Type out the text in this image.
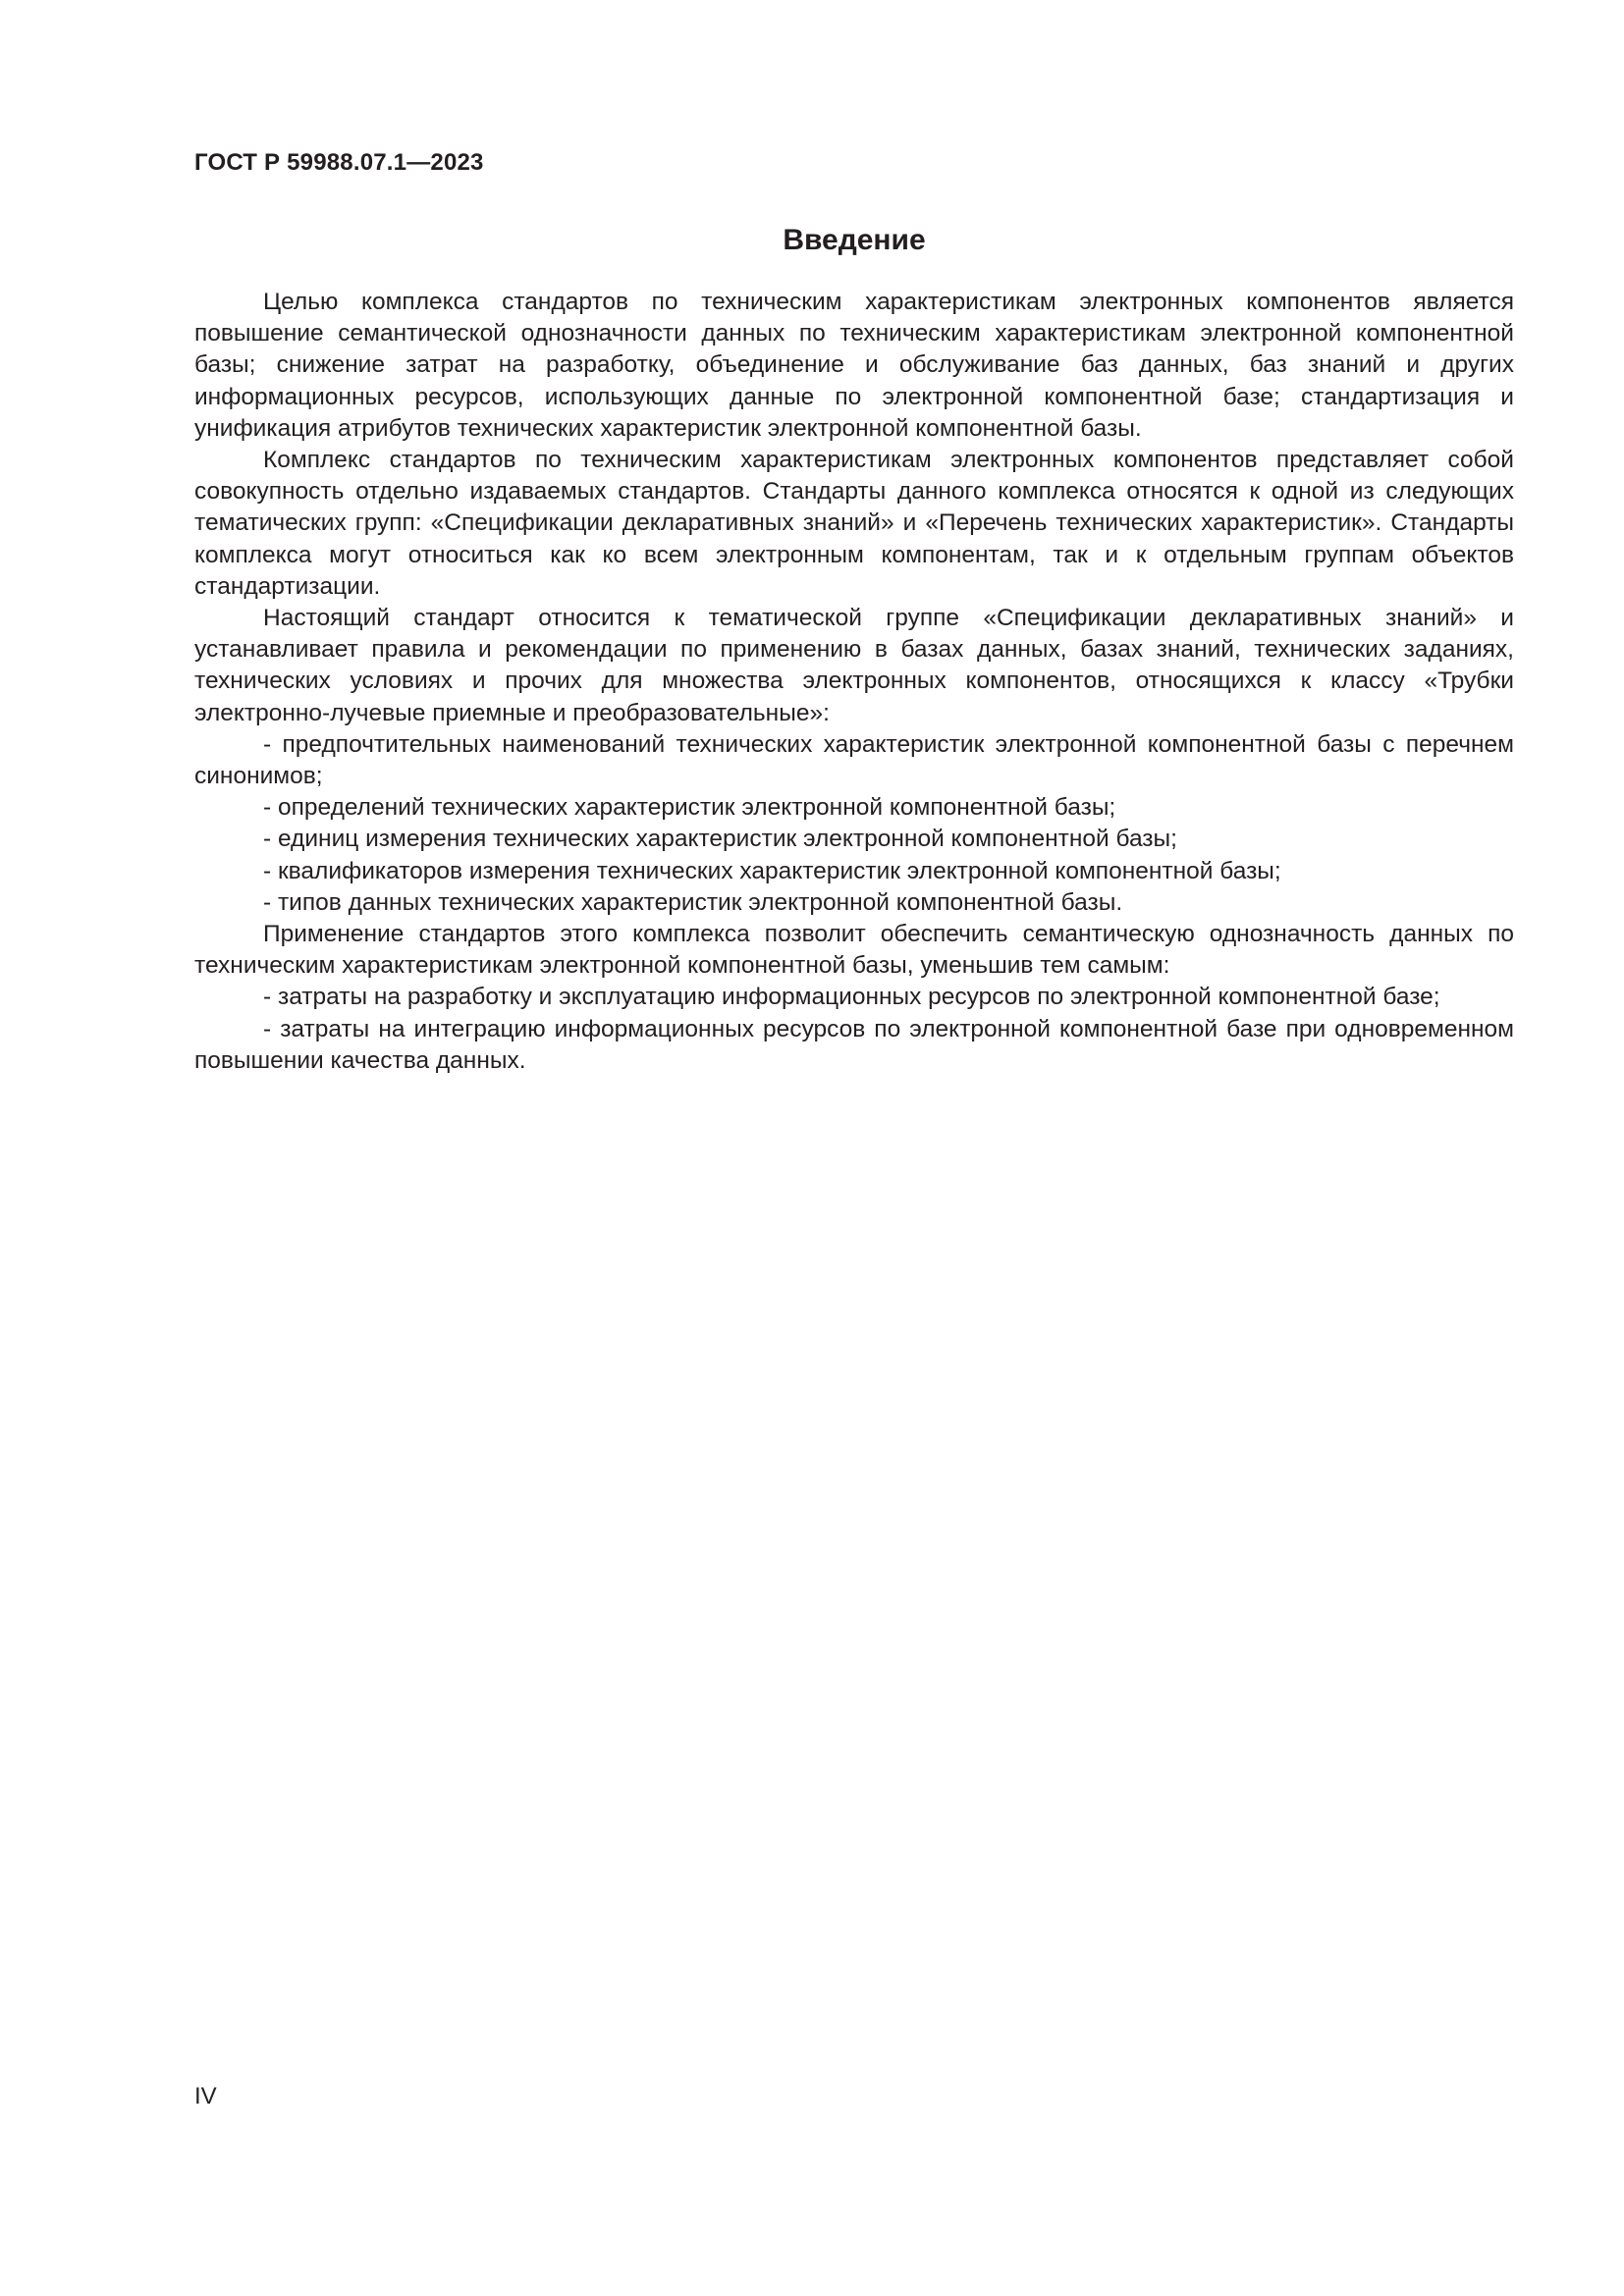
ГОСТ Р 59988.07.1—2023
Введение

Целью комплекса стандартов по техническим характеристикам электронных компонентов является повышение семантической однозначности данных по техническим характеристикам электронной компонентной базы; снижение затрат на разработку, объединение и обслуживание баз данных, баз знаний и других информационных ресурсов, использующих данные по электронной компонентной базе; стандартизация и унификация атрибутов технических характеристик электронной компонентной базы.

Комплекс стандартов по техническим характеристикам электронных компонентов представляет собой совокупность отдельно издаваемых стандартов. Стандарты данного комплекса относятся к одной из следующих тематических групп: «Спецификации декларативных знаний» и «Перечень технических характеристик». Стандарты комплекса могут относиться как ко всем электронным компонентам, так и к отдельным группам объектов стандартизации.

Настоящий стандарт относится к тематической группе «Спецификации декларативных знаний» и устанавливает правила и рекомендации по применению в базах данных, базах знаний, технических заданиях, технических условиях и прочих для множества электронных компонентов, относящихся к классу «Трубки электронно-лучевые приемные и преобразовательные»:

- предпочтительных наименований технических характеристик электронной компонентной базы с перечнем синонимов;

- определений технических характеристик электронной компонентной базы;

- единиц измерения технических характеристик электронной компонентной базы;

- квалификаторов измерения технических характеристик электронной компонентной базы;

- типов данных технических характеристик электронной компонентной базы.

Применение стандартов этого комплекса позволит обеспечить семантическую однозначность данных по техническим характеристикам электронной компонентной базы, уменьшив тем самым:

- затраты на разработку и эксплуатацию информационных ресурсов по электронной компонентной базе;

- затраты на интеграцию информационных ресурсов по электронной компонентной базе при одновременном повышении качества данных.

IV
